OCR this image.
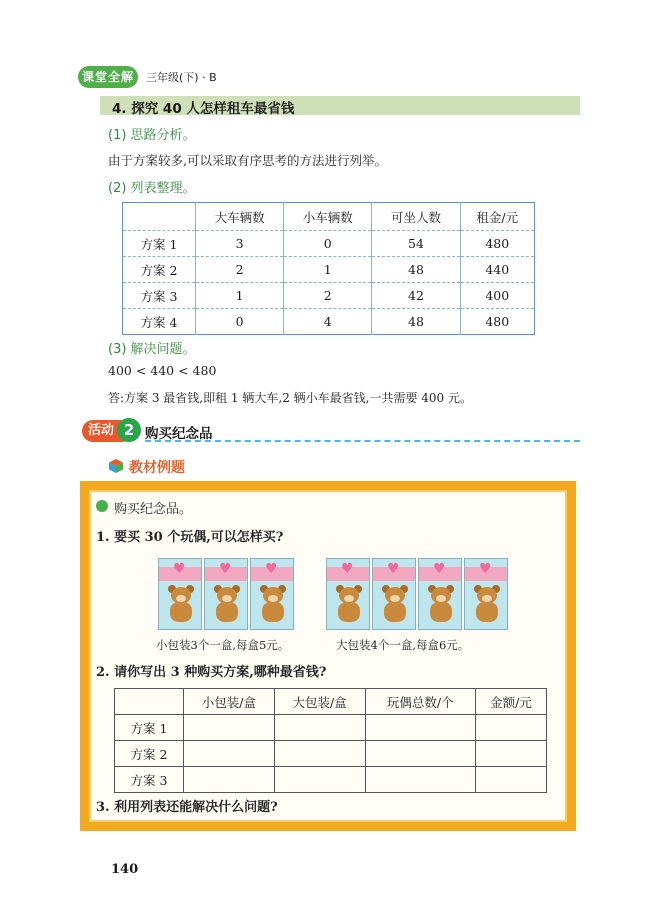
课堂全解	三年级(下) · B
4. 探究 40 人怎样租车最省钱
(1) 思路分析。
由于方案较多,可以采取有序思考的方法进行列举。
(2) 列表整理。
	大车辆数	小车辆数	可坐人数	租金/元
方案 1	3	0	54	480
方案 2	2	1	48	440
方案 3	1	2	42	400
方案 4	0	4	48	480
(3) 解决问题。
400 < 440 < 480
答:方案 3 最省钱,即租 1 辆大车,2 辆小车最省钱,一共需要 400 元。
活动 2 购买纪念品
教材例题
购买纪念品。
1. 要买 30 个玩偶,可以怎样买?
♥ ♥ ♥	♥ ♥ ♥ ♥
小包装3个一盒,每盒5元。	大包装4个一盒,每盒6元。
2. 请你写出 3 种购买方案,哪种最省钱?
	小包装/盒	大包装/盒	玩偶总数/个	金额/元
方案 1				
方案 2				
方案 3				
3. 利用列表还能解决什么问题?
140
